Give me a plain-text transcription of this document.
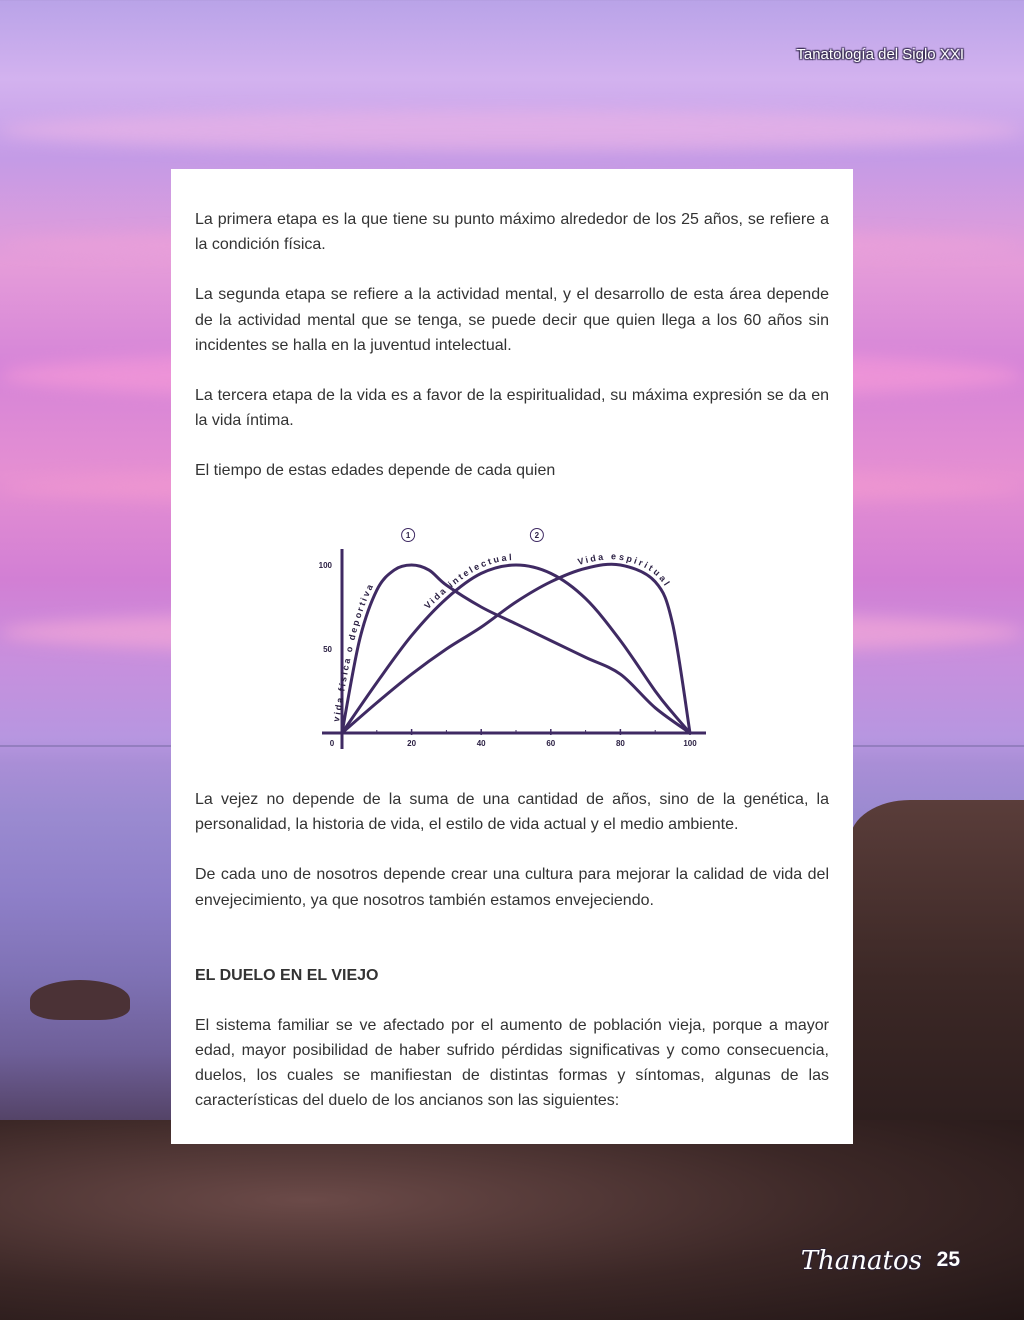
Tanatología del Siglo XXI

La primera etapa es la que tiene su punto máximo alrededor de los 25 años, se refiere a la condición física.

La segunda etapa se refiere a la actividad mental, y el desarrollo de esta área depende de la actividad mental que se tenga, se puede decir que quien llega a los 60 años sin incidentes se halla en la juventud intelectual.

La tercera etapa de la vida es a favor de la espiritualidad, su máxima expresión se da en la vida íntima.

El tiempo de estas edades depende de cada quien

0	20	40	60	80	100
50
100
vida física o deportiva
Vida intelectual	Vida espiritual
1	2

La vejez no depende de la suma de una cantidad de años, sino de la genética, la personalidad, la historia de vida, el estilo de vida actual y el medio ambiente.

De cada uno de nosotros depende crear una cultura para mejorar la calidad de vida del envejecimiento, ya que nosotros también estamos envejeciendo.

EL DUELO EN EL VIEJO

El sistema familiar se ve afectado por el aumento de población vieja, porque a mayor edad, mayor posibilidad de haber sufrido pérdidas significativas y como consecuencia, duelos, los cuales se manifiestan de distintas formas y síntomas, algunas de las características del duelo de los ancianos son las siguientes:

Thanatos 25
